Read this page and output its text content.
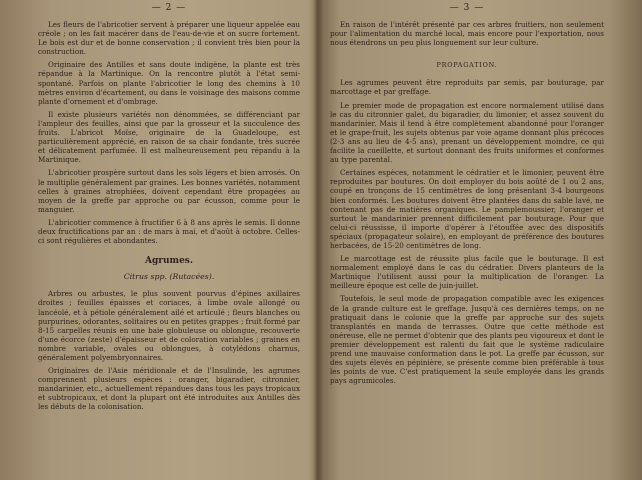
— 2 —

Les fleurs de l'abricotier servent à préparer une liqueur appelée eau créole ; on les fait macérer dans de l'eau-de-vie et on sucre fortement. Le bois est dur et de bonne conservation ; il convient très bien pour la construction.

Originaire des Antilles et sans doute indigène, la plante est très répandue à la Martinique. On la rencontre plutôt à l'état semi-spontané. Parfois on plante l'abricotier le long des chemins à 10 mètres environ d'écartement, ou dans le voisinage des maisons comme plante d'ornement et d'ombrage.

Il existe plusieurs variétés non dénommées, se différenciant par l'ampleur des feuilles, ainsi que par la grosseur et la succulence des fruits. L'abricot Moïse, originaire de la Guadeloupe, est particulièrement apprécié, en raison de sa chair fondante, très sucrée et délicatement parfumée. Il est malheureusement peu répandu à la Martinique.

L'abricotier prospère surtout dans les sols légers et bien arrosés. On le multiplie généralement par graines. Les bonnes variétés, notamment celles à graines atrophiées, doivent cependant être propagées au moyen de la greffe par approche ou par écusson, comme pour le manguier.

L'abricotier commence à fructifier 6 à 8 ans après le semis. Il donne deux fructifications par an : de mars à mai, et d'août à octobre. Celles-ci sont régulières et abondantes.

Agrumes.
Citrus spp. (Rutacées).

Arbres ou arbustes, le plus souvent pourvus d'épines axillaires droites ; feuilles épaisses et coriaces, à limbe ovale allongé ou lancéolé, et à pétiole généralement ailé et articulé ; fleurs blanches ou purpurines, odorantes, solitaires ou en petites grappes ; fruit formé par 8-15 carpelles réunis en une baie globuleuse ou oblongue, recouverte d'une écorce (zeste) d'épaisseur et de coloration variables ; graines en nombre variable, ovales ou oblongues, à cotylédons charnus, généralement polyembryonnaires.

Originaires de l'Asie méridionale et de l'Insulinde, les agrumes comprennent plusieurs espèces : oranger, bigaradier, citronnier, mandarinier, etc., actuellement répandues dans tous les pays tropicaux et subtropicaux, et dont la plupart ont été introduites aux Antilles dès les débuts de la colonisation.

— 3 —

En raison de l'intérêt présenté par ces arbres fruitiers, non seulement pour l'alimentation du marché local, mais encore pour l'exportation, nous nous étendrons un peu plus longuement sur leur culture.

PROPAGATION.

Les agrumes peuvent être reproduits par semis, par bouturage, par marcottage et par greffage.

Le premier mode de propagation est encore normalement utilisé dans le cas du citronnier galet, du bigaradier, du limonier, et assez souvent du mandarinier. Mais il tend à être complètement abandonné pour l'oranger et le grape-fruit, les sujets obtenus par voie agame donnant plus précoces (2-3 ans au lieu de 4-5 ans), prenant un développement moindre, ce qui facilite la cueillette, et surtout donnant des fruits uniformes et conformes au type parental.

Certaines espèces, notamment le cédratier et le limonier, peuvent être reproduites par boutures. On doit employer du bois aoûté de 1 ou 2 ans, coupé en tronçons de 15 centimètres de long présentant 3-4 bourgeons bien conformés. Les boutures doivent être plantées dans du sable lavé, ne contenant pas de matières organiques. Le pamplemoussier, l'oranger et surtout le mandarinier prennent difficilement par bouturage. Pour que celui-ci réussisse, il importe d'opérer à l'étouffée avec des dispositifs spéciaux (propagateur solaire), en employant de préférence des boutures herbacées, de 15-20 centimètres de long.

Le marcottage est de réussite plus facile que le bouturage. Il est normalement employé dans le cas du cédratier. Divers planteurs de la Martinique l'utilisent aussi pour la multiplication de l'oranger. La meilleure époque est celle de juin-juillet.

Toutefois, le seul mode de propagation compatible avec les exigences de la grande culture est le greffage. Jusqu'à ces dernières temps, on ne pratiquait dans le colonie que la greffe par approche sur des sujets transplantés en manda de terrasses. Outre que cette méthode est onéreuse, elle ne permet d'obtenir que des plants peu vigoureux et dont le premier développement est ralenti du fait que le système radiculaire prend une mauvaise conformation dans le pot. La greffe par écusson, sur des sujets élevés en pépinière, se présente comme bien préférable à tous les points de vue. C'est pratiquement la seule employée dans les grands pays agrumicoles.
